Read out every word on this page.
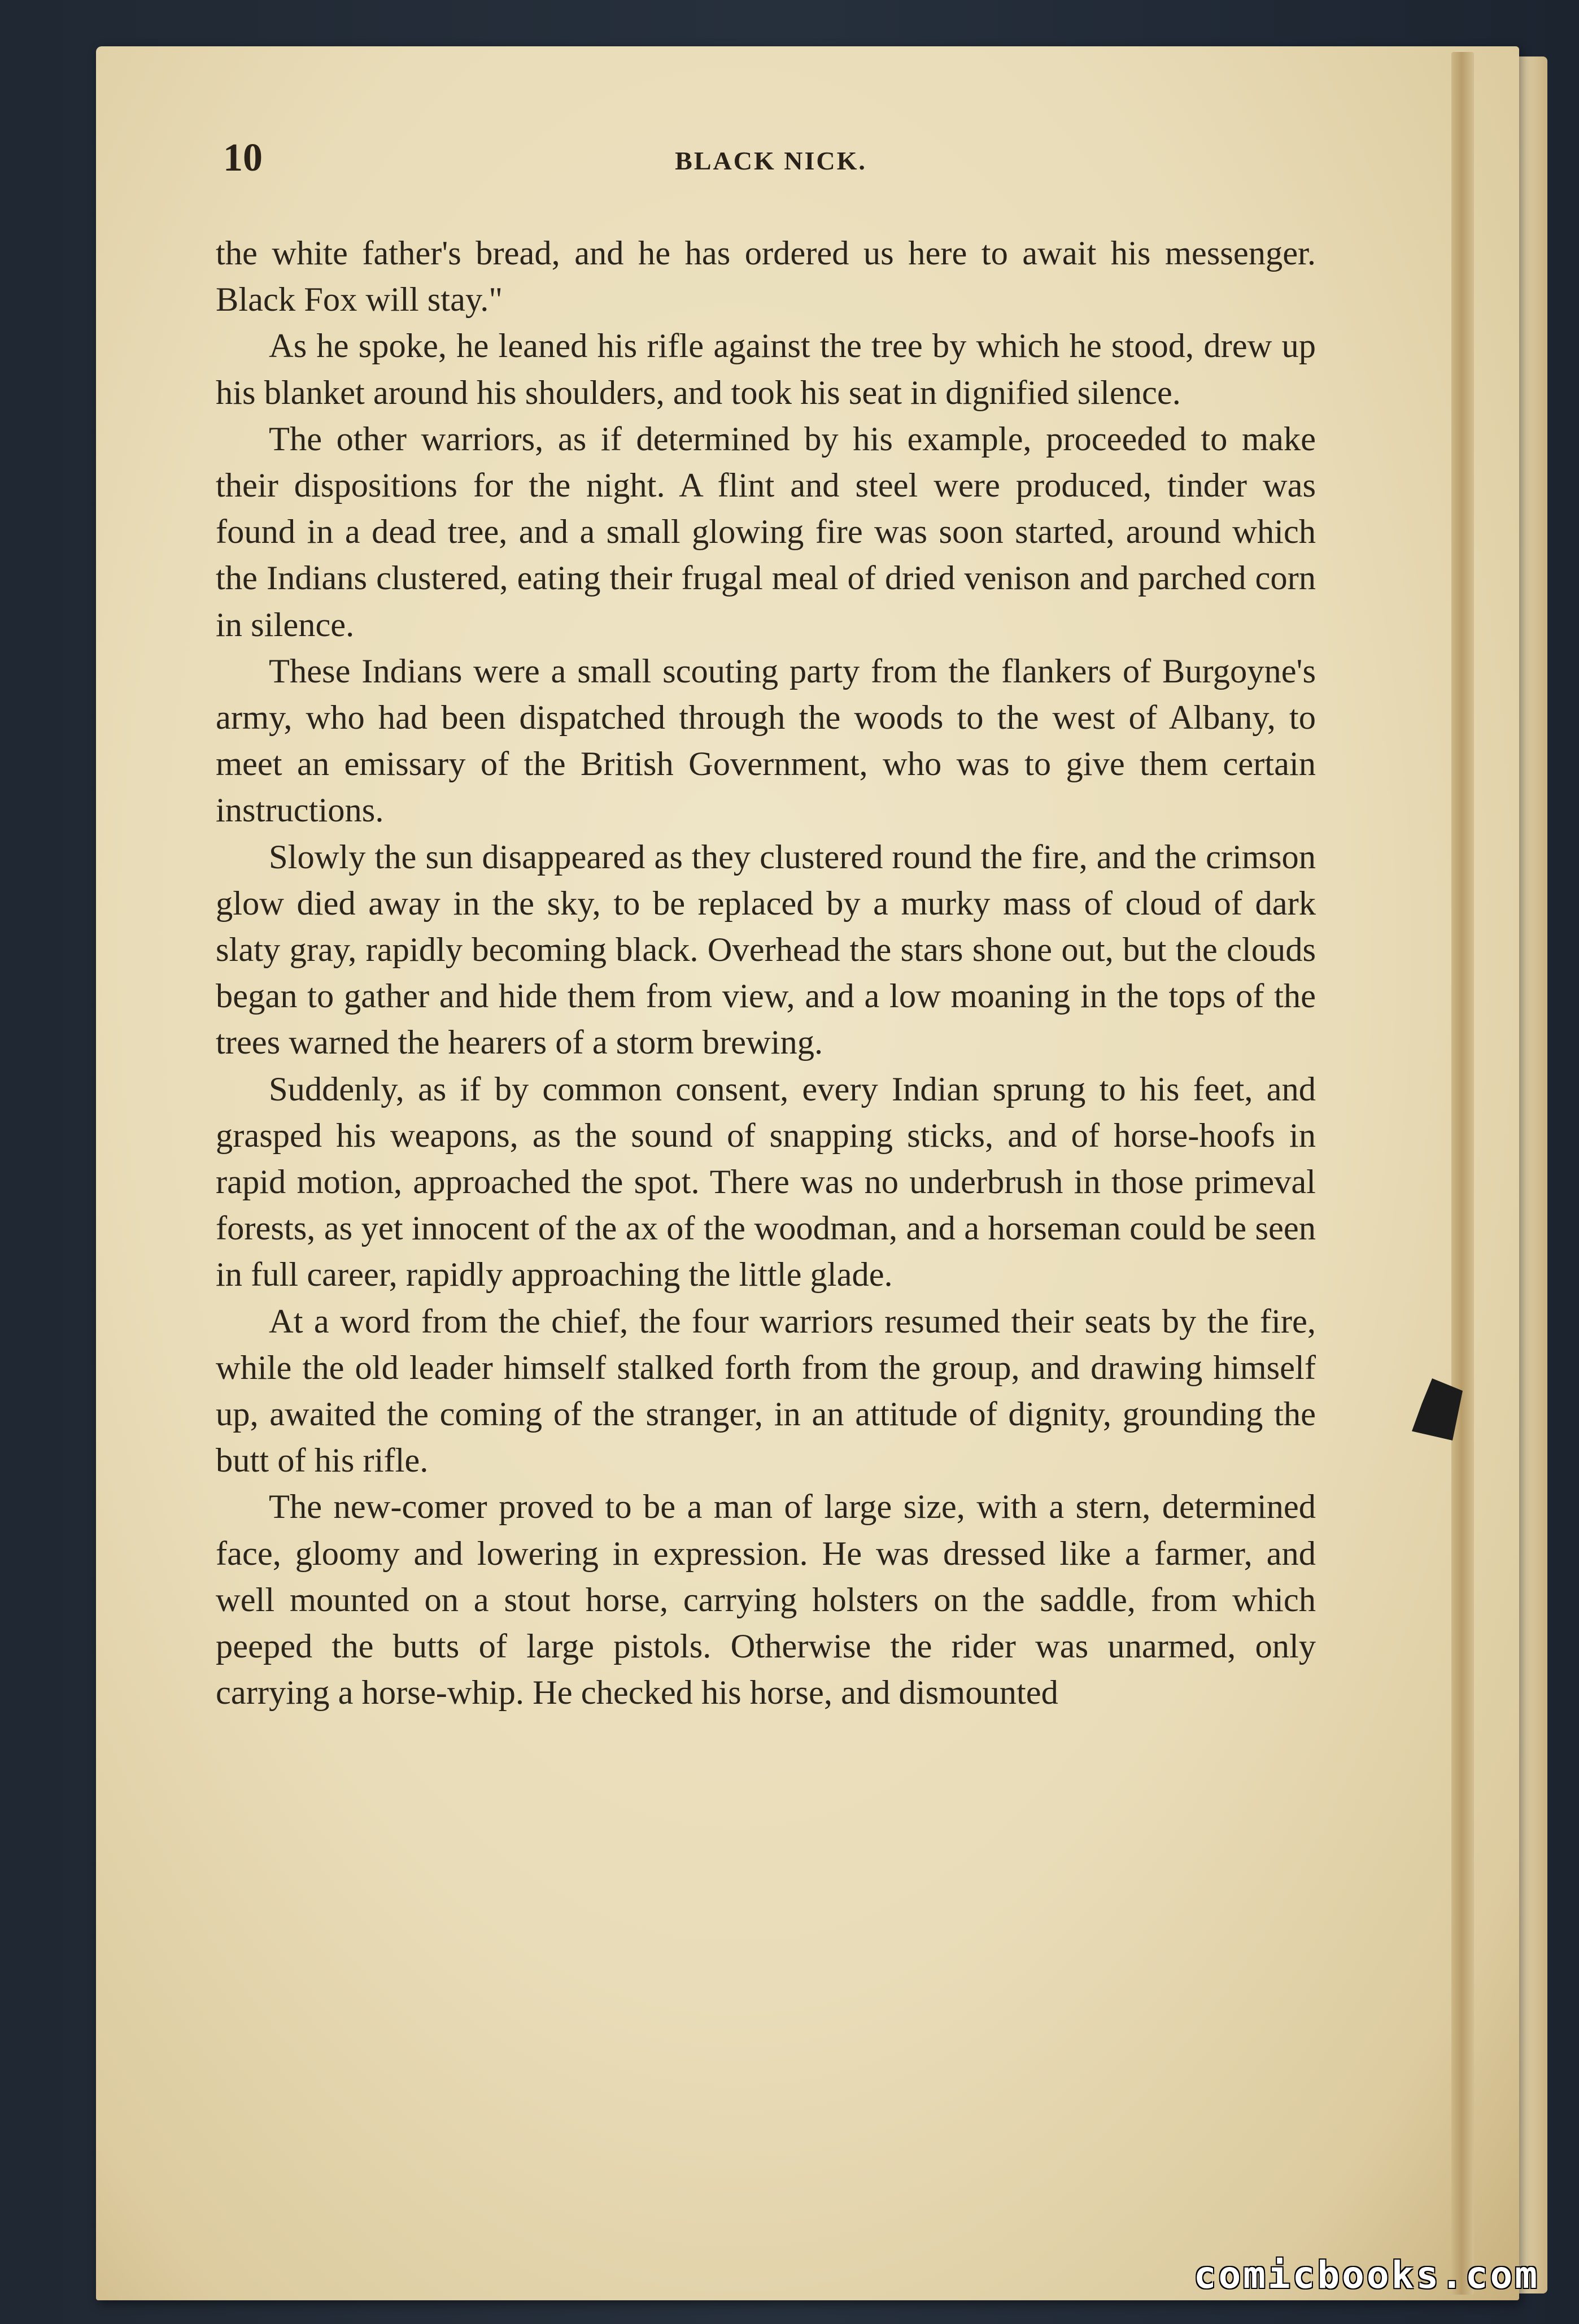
10	BLACK NICK.

the white father's bread, and he has ordered us here to await his messenger. Black Fox will stay."

As he spoke, he leaned his rifle against the tree by which he stood, drew up his blanket around his shoulders, and took his seat in dignified silence.

The other warriors, as if determined by his example, proceeded to make their dispositions for the night. A flint and steel were produced, tinder was found in a dead tree, and a small glowing fire was soon started, around which the Indians clustered, eating their frugal meal of dried venison and parched corn in silence.

These Indians were a small scouting party from the flankers of Burgoyne's army, who had been dispatched through the woods to the west of Albany, to meet an emissary of the British Government, who was to give them certain instructions.

Slowly the sun disappeared as they clustered round the fire, and the crimson glow died away in the sky, to be replaced by a murky mass of cloud of dark slaty gray, rapidly becoming black. Overhead the stars shone out, but the clouds began to gather and hide them from view, and a low moaning in the tops of the trees warned the hearers of a storm brewing.

Suddenly, as if by common consent, every Indian sprung to his feet, and grasped his weapons, as the sound of snapping sticks, and of horse-hoofs in rapid motion, approached the spot. There was no underbrush in those primeval forests, as yet innocent of the ax of the woodman, and a horseman could be seen in full career, rapidly approaching the little glade.

At a word from the chief, the four warriors resumed their seats by the fire, while the old leader himself stalked forth from the group, and drawing himself up, awaited the coming of the stranger, in an attitude of dignity, grounding the butt of his rifle.

The new-comer proved to be a man of large size, with a stern, determined face, gloomy and lowering in expression. He was dressed like a farmer, and well mounted on a stout horse, carrying holsters on the saddle, from which peeped the butts of large pistols. Otherwise the rider was unarmed, only carrying a horse-whip. He checked his horse, and dismounted

comicbooks.com
